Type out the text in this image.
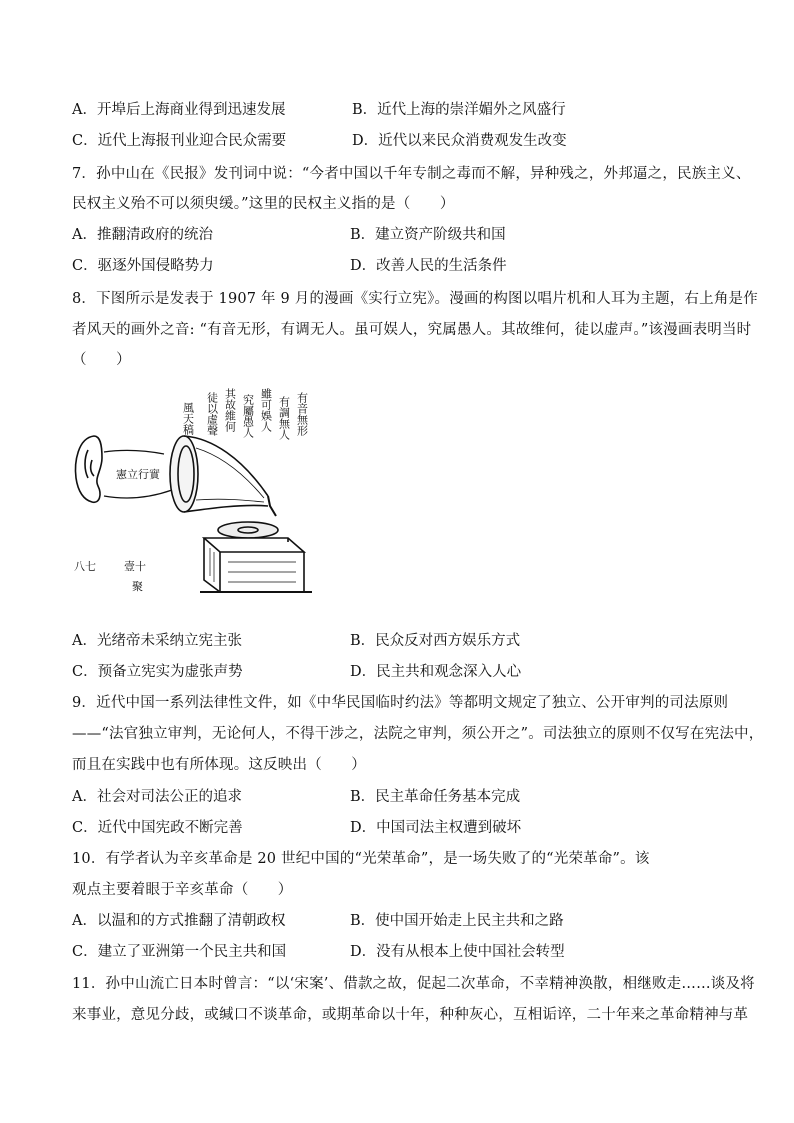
A．开埠后上海商业得到迅速发展	B．近代上海的崇洋媚外之风盛行
C．近代上海报刊业迎合民众需要	D．近代以来民众消费观发生改变
7．孙中山在《民报》发刊词中说：“今者中国以千年专制之毒而不解，异种残之，外邦逼之，民族主义、
民权主义殆不可以须臾缓。”这里的民权主义指的是（　　）
A．推翻清政府的统治	B．建立资产阶级共和国
C．驱逐外国侵略势力	D．改善人民的生活条件
8．下图所示是发表于 1907 年 9 月的漫画《实行立宪》。漫画的构图以唱片机和人耳为主题，右上角是作
者风天的画外之音: “有音无形，有调无人。虽可娱人，究属愚人。其故维何，徒以虚声。”该漫画表明当时
（　　）
有音無形
有調無人
雖可娛人
究屬愚人
其故維何
徒以虛聲
風天稿
憲立行實
八七	壹十
聚
A．光绪帝未采纳立宪主张	B．民众反对西方娱乐方式
C．预备立宪实为虚张声势	D．民主共和观念深入人心
9．近代中国一系列法律性文件，如《中华民国临时约法》等都明文规定了独立、公开审判的司法原则
——“法官独立审判，无论何人，不得干涉之，法院之审判，须公开之”。司法独立的原则不仅写在宪法中，
而且在实践中也有所体现。这反映出（　　）
A．社会对司法公正的追求	B．民主革命任务基本完成
C．近代中国宪政不断完善	D．中国司法主权遭到破坏
10．有学者认为辛亥革命是 20 世纪中国的“光荣革命”，是一场失败了的“光荣革命”。该
观点主要着眼于辛亥革命（　　）
A．以温和的方式推翻了清朝政权	B．使中国开始走上民主共和之路
C．建立了亚洲第一个民主共和国	D．没有从根本上使中国社会转型
11．孙中山流亡日本时曾言：“以‘宋案’、借款之故，促起二次革命，不幸精神涣散，相继败走……谈及将
来事业，意见分歧，或缄口不谈革命，或期革命以十年，种种灰心，互相诟谇，二十年来之革命精神与革
